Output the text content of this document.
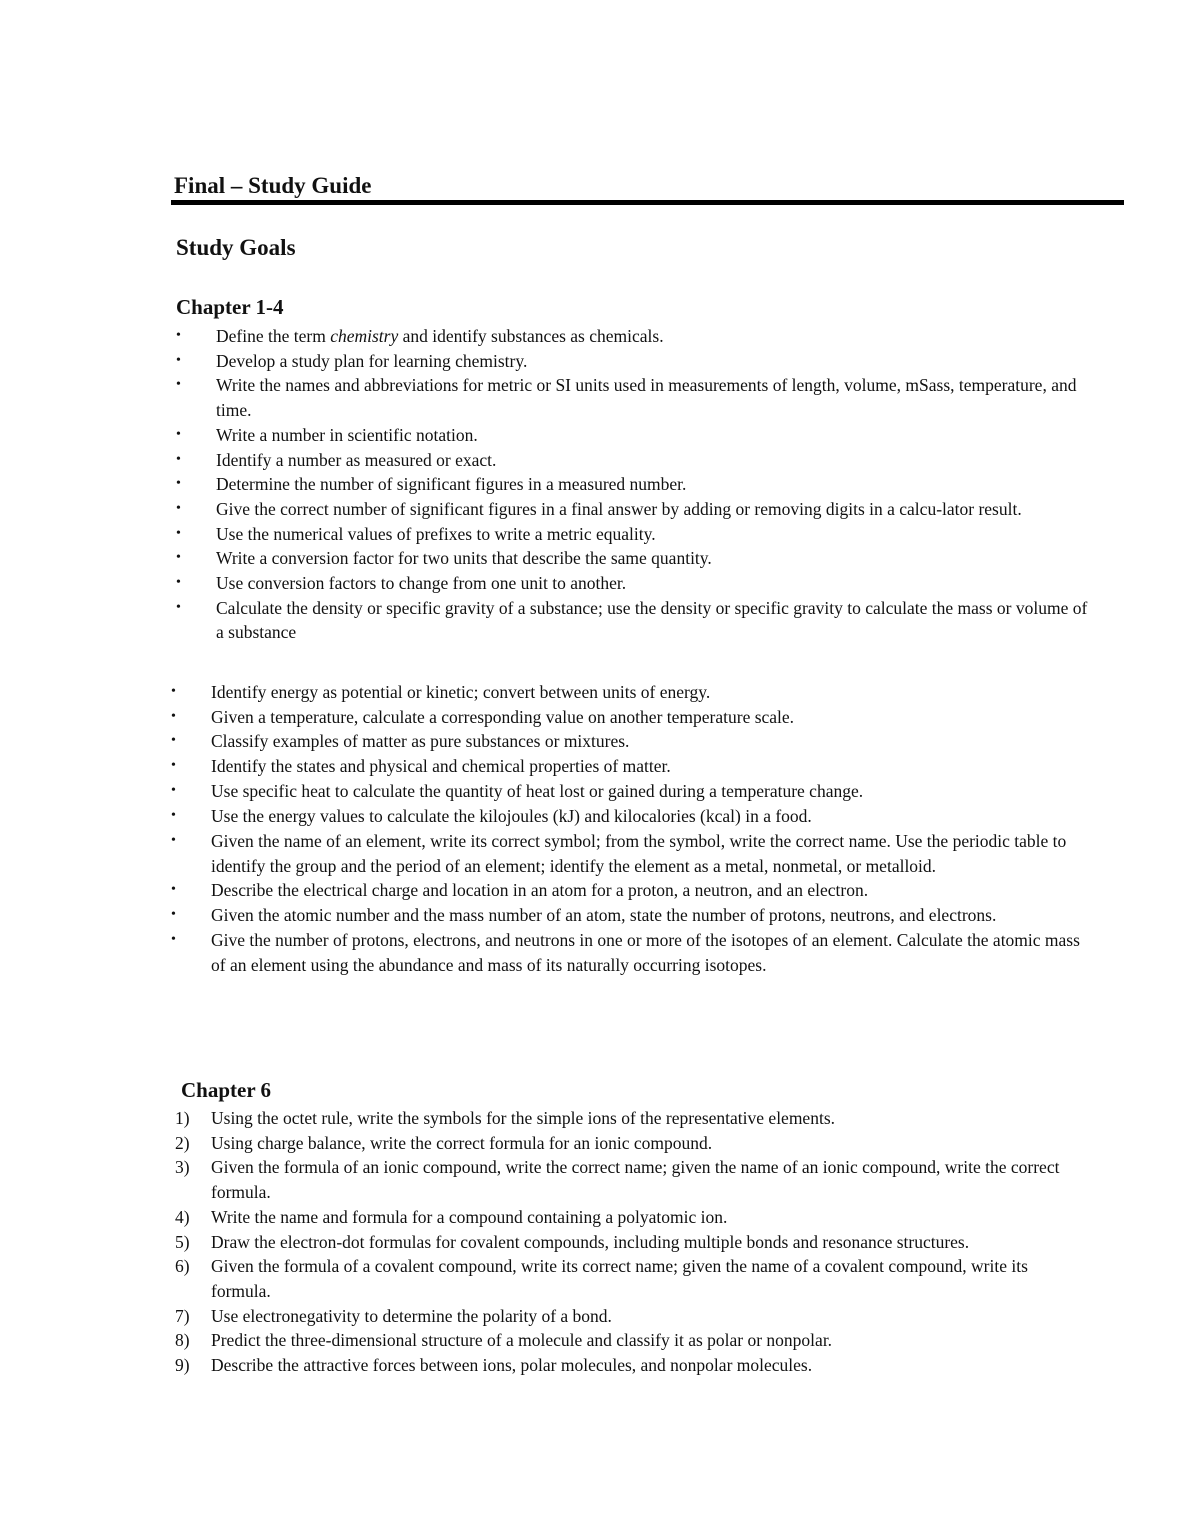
Final – Study Guide
Study Goals
Chapter 1-4
•	Define the term chemistry and identify substances as chemicals.
•	Develop a study plan for learning chemistry.
•	Write the names and abbreviations for metric or SI units used in measurements of length, volume, mSass, temperature, and time.
•	Write a number in scientific notation.
•	Identify a number as measured or exact.
•	Determine the number of significant figures in a measured number.
•	Give the correct number of significant figures in a final answer by adding or removing digits in a calcu-lator result.
•	Use the numerical values of prefixes to write a metric equality.
•	Write a conversion factor for two units that describe the same quantity.
•	Use conversion factors to change from one unit to another.
•	Calculate the density or specific gravity of a substance; use the density or specific gravity to calculate the mass or volume of a substance
•	Identify energy as potential or kinetic; convert between units of energy.
•	Given a temperature, calculate a corresponding value on another temperature scale.
•	Classify examples of matter as pure substances or mixtures.
•	Identify the states and physical and chemical properties of matter.
•	Use specific heat to calculate the quantity of heat lost or gained during a temperature change.
•	Use the energy values to calculate the kilojoules (kJ) and kilocalories (kcal) in a food.
•	Given the name of an element, write its correct symbol; from the symbol, write the correct name. Use the periodic table to identify the group and the period of an element; identify the element as a metal, nonmetal, or metalloid.
•	Describe the electrical charge and location in an atom for a proton, a neutron, and an electron.
•	Given the atomic number and the mass number of an atom, state the number of protons, neutrons, and electrons.
•	Give the number of protons, electrons, and neutrons in one or more of the isotopes of an element. Calculate the atomic mass of an element using the abundance and mass of its naturally occurring isotopes.
Chapter 6
1)	Using the octet rule, write the symbols for the simple ions of the representative elements.
2)	Using charge balance, write the correct formula for an ionic compound.
3)	Given the formula of an ionic compound, write the correct name; given the name of an ionic compound, write the correct formula.
4)	Write the name and formula for a compound containing a polyatomic ion.
5)	Draw the electron-dot formulas for covalent compounds, including multiple bonds and resonance structures.
6)	Given the formula of a covalent compound, write its correct name; given the name of a covalent compound, write its formula.
7)	Use electronegativity to determine the polarity of a bond.
8)	Predict the three-dimensional structure of a molecule and classify it as polar or nonpolar.
9)	Describe the attractive forces between ions, polar molecules, and nonpolar molecules.
